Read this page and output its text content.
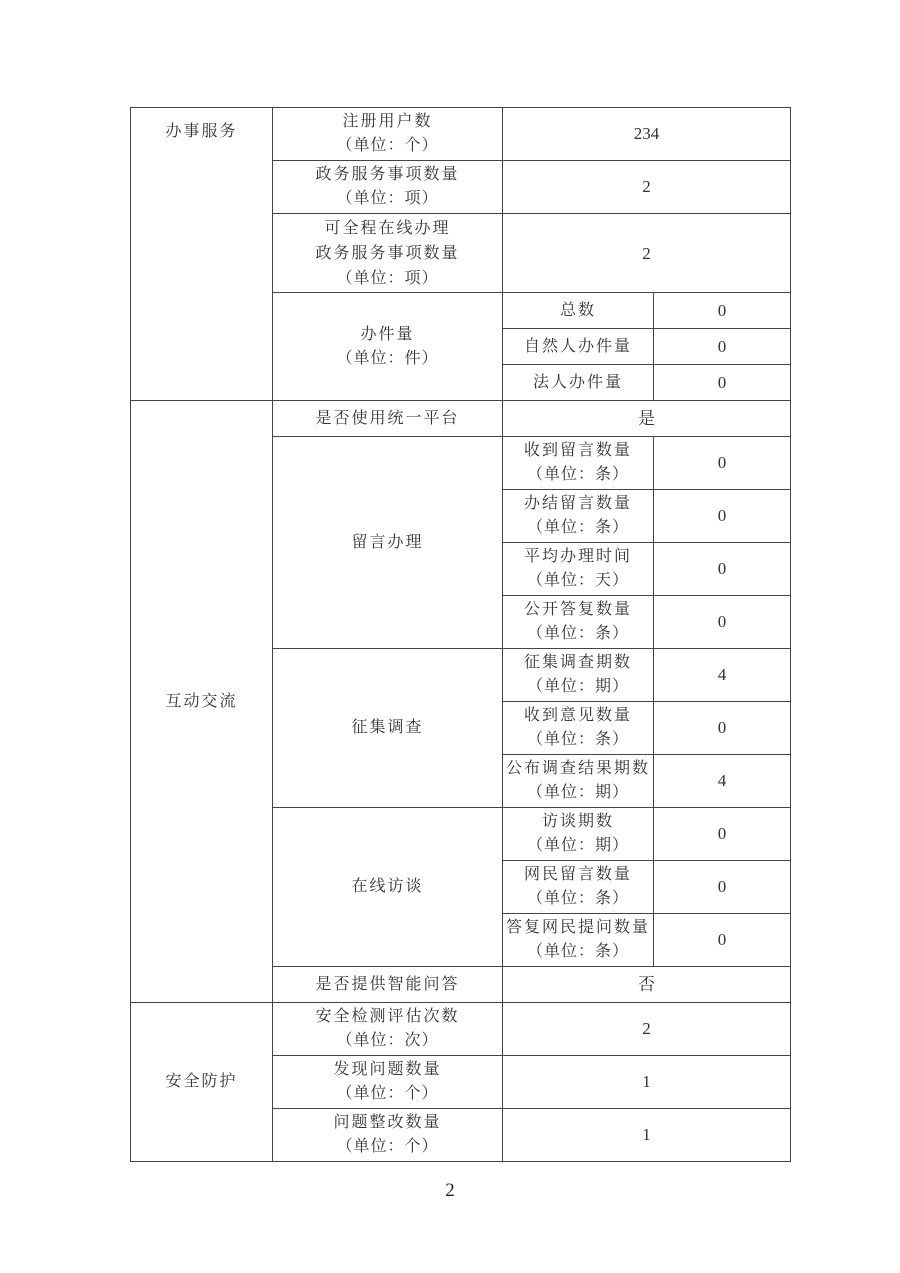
办事服务	注册用户数
（单位：个）	234	

	政务服务事项数量
（单位：项）	2	

	可全程在线办理
政务服务事项数量
（单位：项）	2	

	办件量
（单位：件）	总数	0
		自然人办件量	0
		法人办件量	0
互动交流	是否使用统一平台	是	
	留言办理	收到留言数量
（单位：条）	0

		办结留言数量
（单位：条）	0

		平均办理时间
（单位：天）	0

		公开答复数量
（单位：条）	0
	征集调查	征集调查期数
（单位：期）	4

		收到意见数量
（单位：条）	0

		公布调查结果期数
（单位：期）	4
	在线访谈	访谈期数
（单位：期）	0

		网民留言数量
（单位：条）	0

		答复网民提问数量
（单位：条）	0
	是否提供智能问答	否	
安全防护	安全检测评估次数
（单位：次）	2	

	发现问题数量
（单位：个）	1	

	问题整改数量
（单位：个）	1	
2
